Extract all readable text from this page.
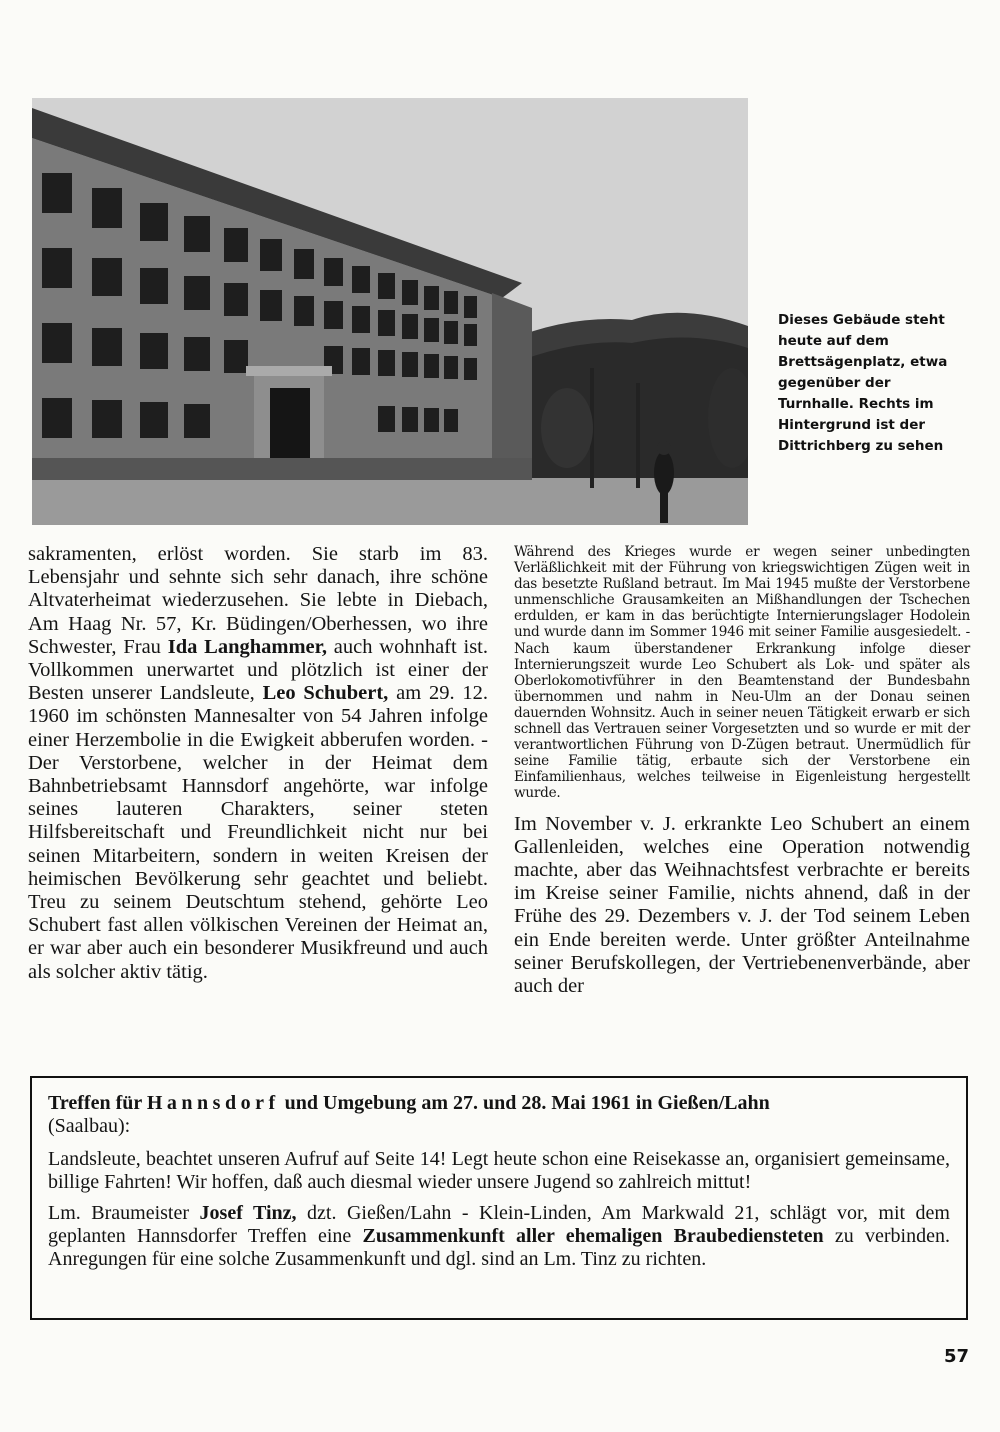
Dieses Gebäude steht heute auf dem Brettsägenplatz, etwa gegenüber der Turnhalle. Rechts im Hintergrund ist der Dittrichberg zu sehen

sakramenten, erlöst worden. Sie starb im 83. Lebensjahr und sehnte sich sehr danach, ihre schöne Altvaterheimat wiederzusehen. Sie lebte in Diebach, Am Haag Nr. 57, Kr. Büdingen/Oberhessen, wo ihre Schwester, Frau Ida Langhammer, auch wohnhaft ist. Vollkommen unerwartet und plötzlich ist einer der Besten unserer Landsleute, Leo Schubert, am 29. 12. 1960 im schönsten Mannesalter von 54 Jahren infolge einer Herzembolie in die Ewigkeit abberufen worden. - Der Verstorbene, welcher in der Heimat dem Bahnbetriebsamt Hannsdorf angehörte, war infolge seines lauteren Charakters, seiner steten Hilfsbereitschaft und Freundlichkeit nicht nur bei seinen Mitarbeitern, sondern in weiten Kreisen der heimischen Bevölkerung sehr geachtet und beliebt. Treu zu seinem Deutschtum stehend, gehörte Leo Schubert fast allen völkischen Vereinen der Heimat an, er war aber auch ein besonderer Musikfreund und auch als solcher aktiv tätig.

Während des Krieges wurde er wegen seiner unbedingten Verläßlichkeit mit der Führung von kriegswichtigen Zügen weit in das besetzte Rußland betraut. Im Mai 1945 mußte der Verstorbene unmenschliche Grausamkeiten an Mißhandlungen der Tschechen erdulden, er kam in das berüchtigte Internierungslager Hodolein und wurde dann im Sommer 1946 mit seiner Familie ausgesiedelt. - Nach kaum überstandener Erkrankung infolge dieser Internierungszeit wurde Leo Schubert als Lok- und später als Oberlokomotivführer in den Beamtenstand der Bundesbahn übernommen und nahm in Neu-Ulm an der Donau seinen dauernden Wohnsitz. Auch in seiner neuen Tätigkeit erwarb er sich schnell das Vertrauen seiner Vorgesetzten und so wurde er mit der verantwortlichen Führung von D-Zügen betraut. Unermüdlich für seine Familie tätig, erbaute sich der Verstorbene ein Einfamilienhaus, welches teilweise in Eigenleistung hergestellt wurde.

Im November v. J. erkrankte Leo Schubert an einem Gallenleiden, welches eine Operation notwendig machte, aber das Weihnachtsfest verbrachte er bereits im Kreise seiner Familie, nichts ahnend, daß in der Frühe des 29. Dezembers v. J. der Tod seinem Leben ein Ende bereiten werde. Unter größter Anteilnahme seiner Berufskollegen, der Vertriebenenverbände, aber auch der

Treffen für Hannsdorf und Umgebung am 27. und 28. Mai 1961 in Gießen/Lahn
(Saalbau):

Landsleute, beachtet unseren Aufruf auf Seite 14! Legt heute schon eine Reisekasse an, organisiert gemeinsame, billige Fahrten! Wir hoffen, daß auch diesmal wieder unsere Jugend so zahlreich mittut!

Lm. Braumeister Josef Tinz, dzt. Gießen/Lahn - Klein-Linden, Am Markwald 21, schlägt vor, mit dem geplanten Hannsdorfer Treffen eine Zusammenkunft aller ehemaligen Braubediensteten zu verbinden. Anregungen für eine solche Zusammenkunft und dgl. sind an Lm. Tinz zu richten.

57
